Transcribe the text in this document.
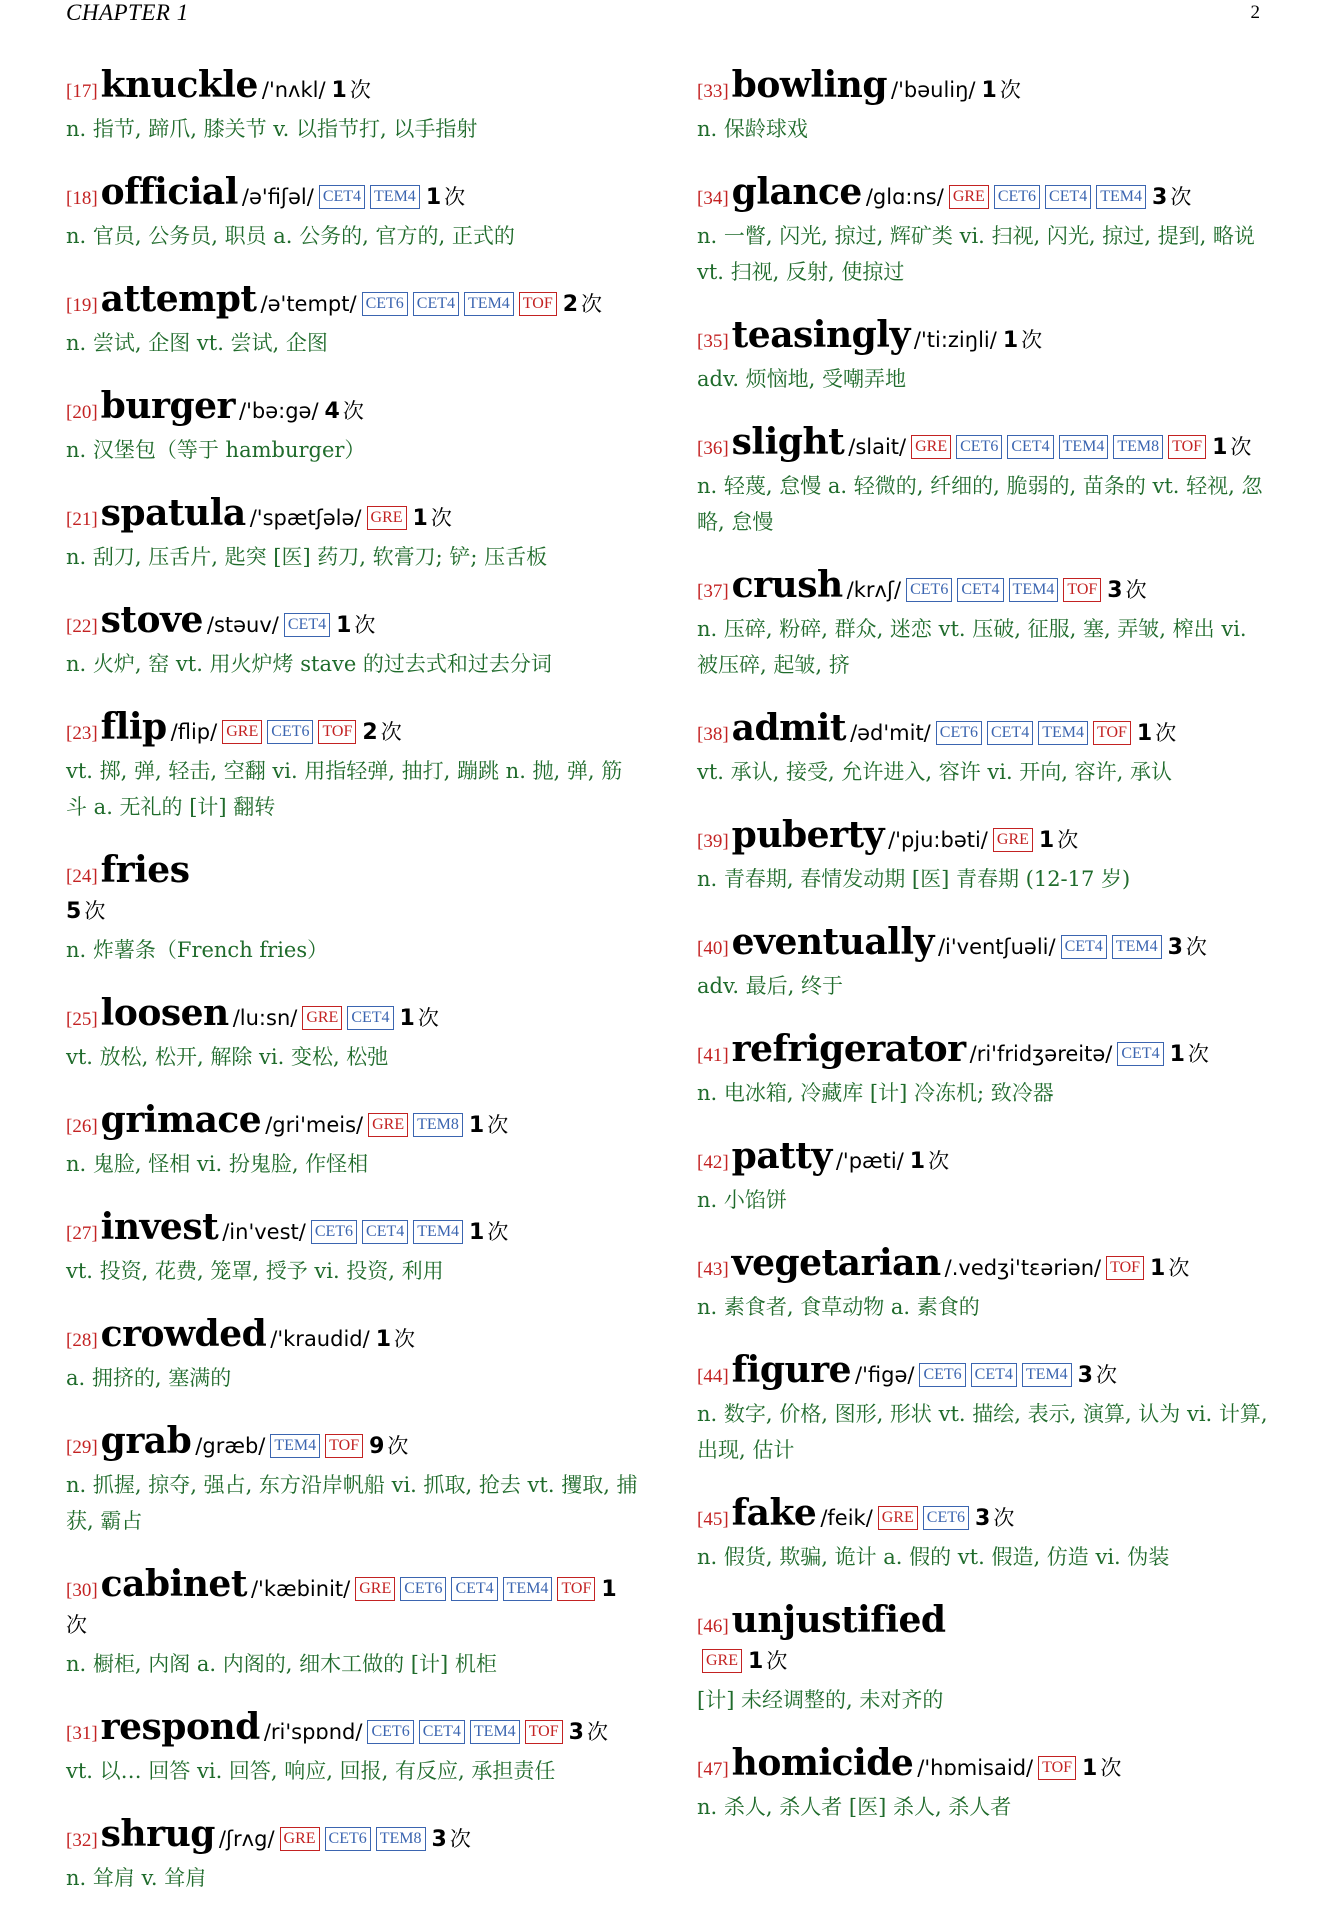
CHAPTER 1	2
[17]knuckle /'nʌkl/ 1 次
n. 指节, 蹄爪, 膝关节 v. 以指节打, 以手指射
[18]official /ə'fiʃəl/ CET4 TEM4 1 次
n. 官员, 公务员, 职员 a. 公务的, 官方的, 正式的
[19]attempt /ə'tempt/ CET6 CET4 TEM4 TOF 2 次
n. 尝试, 企图 vt. 尝试, 企图
[20]burger /'bə:gə/ 4 次
n. 汉堡包（等于 hamburger）
[21]spatula /'spætʃələ/ GRE 1 次
n. 刮刀, 压舌片, 匙突 [医] 药刀, 软膏刀; 铲; 压舌板
[22]stove /stəuv/ CET4 1 次
n. 火炉, 窑 vt. 用火炉烤 stave 的过去式和过去分词
[23]flip /flip/ GRE CET6 TOF 2 次
vt. 掷, 弹, 轻击, 空翻 vi. 用指轻弹, 抽打, 蹦跳 n. 抛, 弹, 筋斗 a. 无礼的 [计] 翻转
[24]fries
5 次
n. 炸薯条（French fries）
[25]loosen /lu:sn/ GRE CET4 1 次
vt. 放松, 松开, 解除 vi. 变松, 松弛
[26]grimace /gri'meis/ GRE TEM8 1 次
n. 鬼脸, 怪相 vi. 扮鬼脸, 作怪相
[27]invest /in'vest/ CET6 CET4 TEM4 1 次
vt. 投资, 花费, 笼罩, 授予 vi. 投资, 利用
[28]crowded /'kraudid/ 1 次
a. 拥挤的, 塞满的
[29]grab /græb/ TEM4 TOF 9 次
n. 抓握, 掠夺, 强占, 东方沿岸帆船 vi. 抓取, 抢去 vt. 攫取, 捕获, 霸占
[30]cabinet /'kæbinit/ GRE CET6 CET4 TEM4 TOF 1次
n. 橱柜, 内阁 a. 内阁的, 细木工做的 [计] 机柜
[31]respond /ri'spɒnd/ CET6 CET4 TEM4 TOF 3 次
vt. 以… 回答 vi. 回答, 响应, 回报, 有反应, 承担责任
[32]shrug /ʃrʌg/ GRE CET6 TEM8 3 次
n. 耸肩 v. 耸肩
[33]bowling /'bəuliŋ/ 1 次
n. 保龄球戏
[34]glance /glɑ:ns/ GRE CET6 CET4 TEM4 3 次
n. 一瞥, 闪光, 掠过, 辉矿类 vi. 扫视, 闪光, 掠过, 提到, 略说 vt. 扫视, 反射, 使掠过
[35]teasingly /'ti:ziŋli/ 1 次
adv. 烦恼地, 受嘲弄地
[36]slight /slait/ GRE CET6 CET4 TEM4 TEM8 TOF 1 次
n. 轻蔑, 怠慢 a. 轻微的, 纤细的, 脆弱的, 苗条的 vt. 轻视, 忽略, 怠慢
[37]crush /krʌʃ/ CET6 CET4 TEM4 TOF 3 次
n. 压碎, 粉碎, 群众, 迷恋 vt. 压破, 征服, 塞, 弄皱, 榨出 vi. 被压碎, 起皱, 挤
[38]admit /əd'mit/ CET6 CET4 TEM4 TOF 1 次
vt. 承认, 接受, 允许进入, 容许 vi. 开向, 容许, 承认
[39]puberty /'pju:bəti/ GRE 1 次
n. 青春期, 春情发动期 [医] 青春期 (12-17 岁)
[40]eventually /i'ventʃuəli/ CET4 TEM4 3 次
adv. 最后, 终于
[41]refrigerator /ri'fridʒəreitə/ CET4 1 次
n. 电冰箱, 冷藏库 [计] 冷冻机; 致冷器
[42]patty /'pæti/ 1 次
n. 小馅饼
[43]vegetarian /.vedʒi'tɛəriən/ TOF 1 次
n. 素食者, 食草动物 a. 素食的
[44]figure /'figə/ CET6 CET4 TEM4 3 次
n. 数字, 价格, 图形, 形状 vt. 描绘, 表示, 演算, 认为 vi. 计算, 出现, 估计
[45]fake /feik/ GRE CET6 3 次
n. 假货, 欺骗, 诡计 a. 假的 vt. 假造, 仿造 vi. 伪装
[46]unjustified
GRE 1 次
[计] 未经调整的, 未对齐的
[47]homicide /'hɒmisaid/ TOF 1 次
n. 杀人, 杀人者 [医] 杀人, 杀人者
